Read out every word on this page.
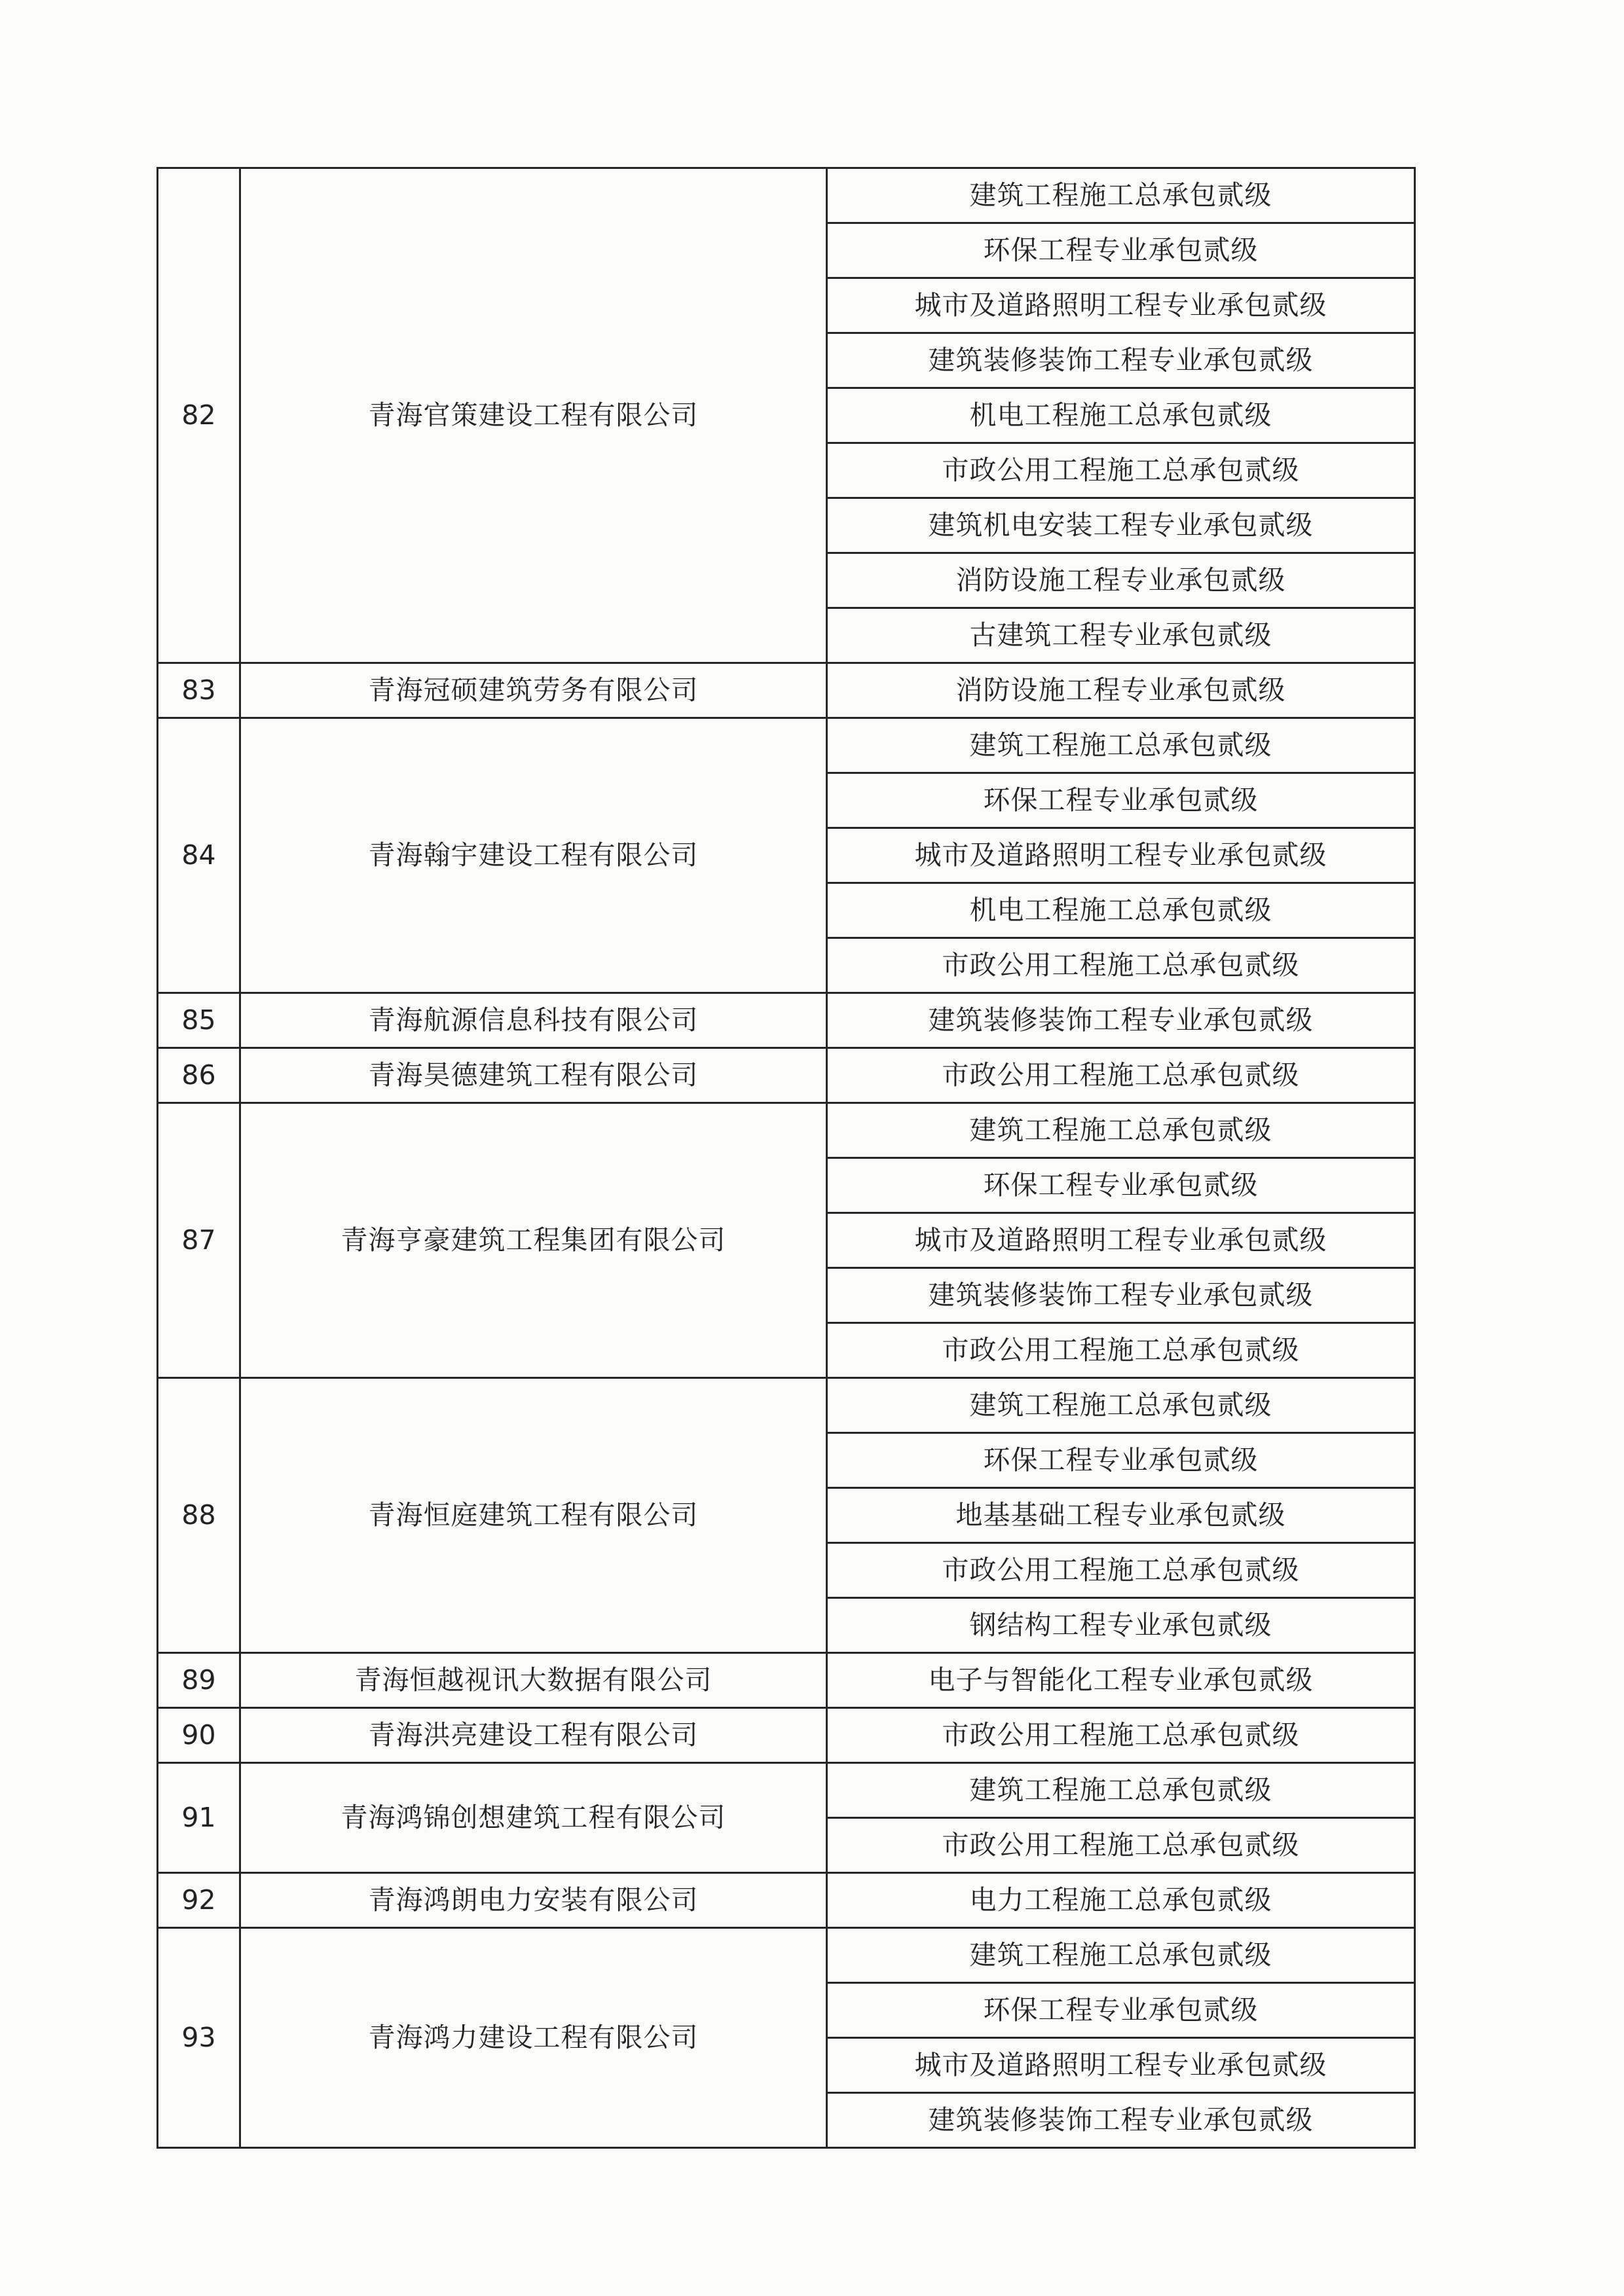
82	青海官策建设工程有限公司	建筑工程施工总承包贰级
		环保工程专业承包贰级
		城市及道路照明工程专业承包贰级
		建筑装修装饰工程专业承包贰级
		机电工程施工总承包贰级
		市政公用工程施工总承包贰级
		建筑机电安装工程专业承包贰级
		消防设施工程专业承包贰级
		古建筑工程专业承包贰级
83	青海冠硕建筑劳务有限公司	消防设施工程专业承包贰级
84	青海翰宇建设工程有限公司	建筑工程施工总承包贰级
		环保工程专业承包贰级
		城市及道路照明工程专业承包贰级
		机电工程施工总承包贰级
		市政公用工程施工总承包贰级
85	青海航源信息科技有限公司	建筑装修装饰工程专业承包贰级
86	青海昊德建筑工程有限公司	市政公用工程施工总承包贰级
87	青海亨豪建筑工程集团有限公司	建筑工程施工总承包贰级
		环保工程专业承包贰级
		城市及道路照明工程专业承包贰级
		建筑装修装饰工程专业承包贰级
		市政公用工程施工总承包贰级
88	青海恒庭建筑工程有限公司	建筑工程施工总承包贰级
		环保工程专业承包贰级
		地基基础工程专业承包贰级
		市政公用工程施工总承包贰级
		钢结构工程专业承包贰级
89	青海恒越视讯大数据有限公司	电子与智能化工程专业承包贰级
90	青海洪亮建设工程有限公司	市政公用工程施工总承包贰级
91	青海鸿锦创想建筑工程有限公司	建筑工程施工总承包贰级
		市政公用工程施工总承包贰级
92	青海鸿朗电力安装有限公司	电力工程施工总承包贰级
93	青海鸿力建设工程有限公司	建筑工程施工总承包贰级
		环保工程专业承包贰级
		城市及道路照明工程专业承包贰级
		建筑装修装饰工程专业承包贰级
